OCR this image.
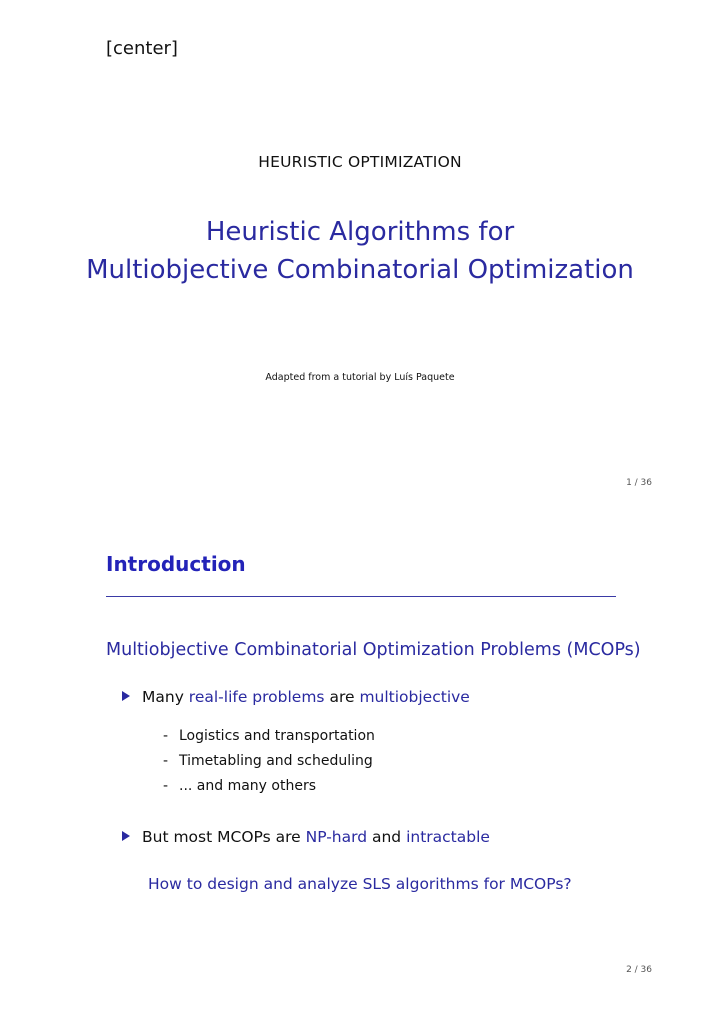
[center]
HEURISTIC OPTIMIZATION
Heuristic Algorithms for
Multiobjective Combinatorial Optimization
Adapted from a tutorial by Luís Paquete
1 / 36
Introduction
Multiobjective Combinatorial Optimization Problems (MCOPs)
Many real-life problems are multiobjective
- Logistics and transportation
- Timetabling and scheduling
- ... and many others
But most MCOPs are NP-hard and intractable
How to design and analyze SLS algorithms for MCOPs?
2 / 36
